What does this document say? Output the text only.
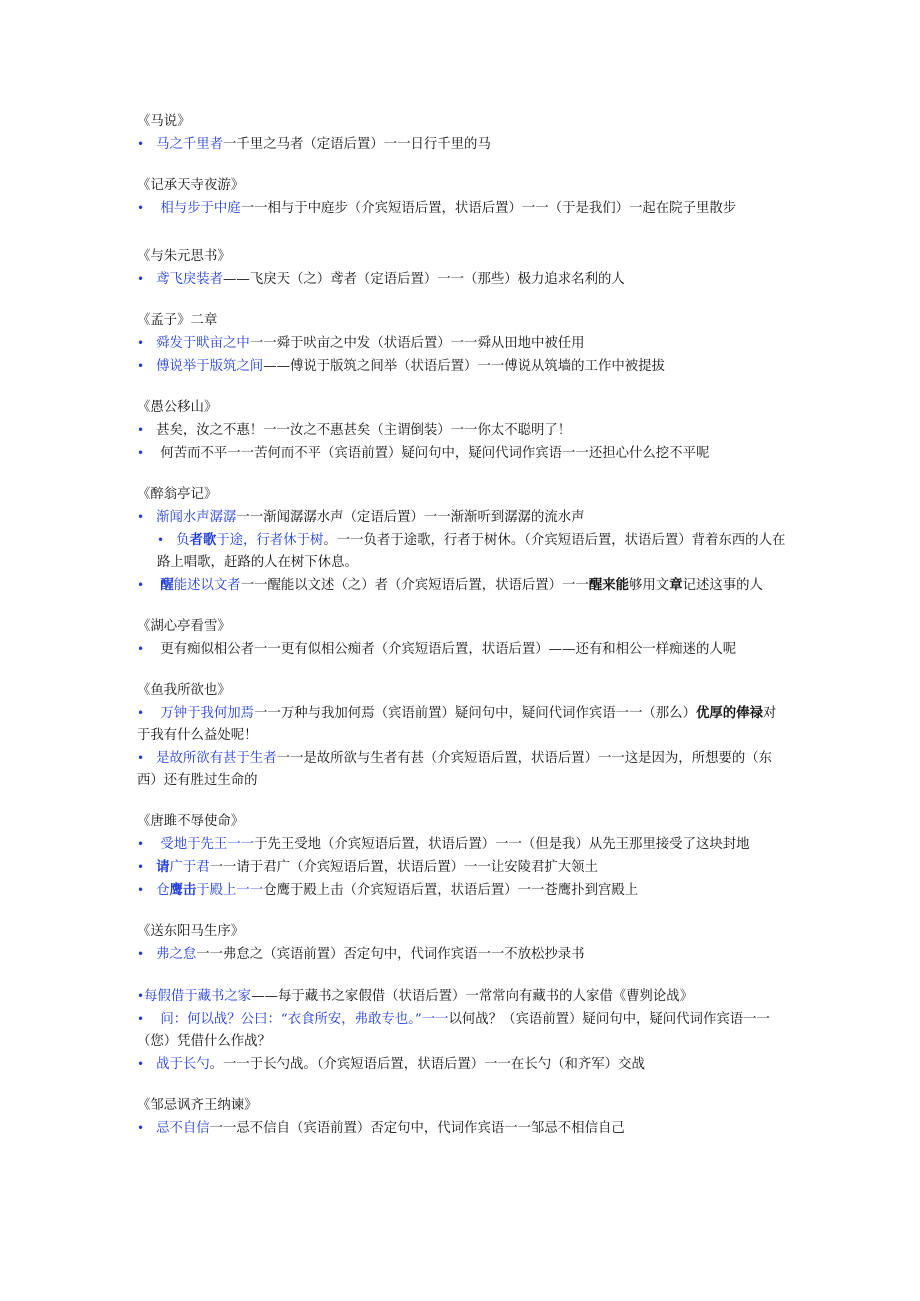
《马说》

• 马之千里者一千里之马者（定语后置）一一日行千里的马

《记承天寺夜游》

• 相与步于中庭一一相与于中庭步（介宾短语后置，状语后置）一一（于是我们）一起在院子里散步

《与朱元思书》

• 鸢飞戾装者——飞戾天（之）鸢者（定语后置）一一（那些）极力追求名利的人

《孟子》二章

• 舜发于畎亩之中一一舜于吠亩之中发（状语后置）一一舜从田地中被任用

• 傅说举于版筑之间——傅说于版筑之间举（状语后置）一一傅说从筑墙的工作中被提拔

《愚公移山》

• 甚矣，汝之不惠！一一汝之不惠甚矣（主谓倒装）一一你太不聪明了！

• 何苦而不平一一苦何而不平（宾语前置）疑问句中，疑问代词作宾语一一还担心什么挖不平呢

《醉翁亭记》

• 渐闻水声潺潺一一渐闻潺潺水声（定语后置）一一渐渐听到潺潺的流水声

• 负者歌于途，行者休于树。一一负者于途歌，行者于树休。（介宾短语后置，状语后置）背着东西的人在路上唱歌，赶路的人在树下休息。

• 醒能述以文者一一醒能以文述（之）者（介宾短语后置，状语后置）一一醒来能够用文章记述这事的人

《湖心亭看雪》

• 更有痴似相公者一一更有似相公痴者（介宾短语后置，状语后置）——还有和相公一样痴迷的人呢

《鱼我所欲也》

• 万钟于我何加焉一一万种与我加何焉（宾语前置）疑问句中，疑问代词作宾语一一（那么）优厚的俸禄对于我有什么益处呢！

• 是故所欲有甚于生者一一是故所欲与生者有甚（介宾短语后置，状语后置）一一这是因为，所想要的（东西）还有胜过生命的

《唐雎不辱使命》

• 受地于先王一一于先王受地（介宾短语后置，状语后置）一一（但是我）从先王那里接受了这块封地

• 请广于君一一请于君广（介宾短语后置，状语后置）一一让安陵君扩大领土

• 仓鹰击于殿上一一仓鹰于殿上击（介宾短语后置，状语后置）一一苍鹰扑到宫殿上

《送东阳马生序》

• 弗之怠一一弗怠之（宾语前置）否定句中，代词作宾语一一不放松抄录书

•每假借于藏书之家——每于藏书之家假借（状语后置）一常常向有藏书的人家借《曹刿论战》

• 问：何以战？公曰：“衣食所安，弗敢专也。”一一以何战？（宾语前置）疑问句中，疑问代词作宾语一一（您）凭借什么作战？

• 战于长勺。一一于长勺战。（介宾短语后置，状语后置）一一在长勺（和齐军）交战

《邹忌讽齐王纳谏》

• 忌不自信一一忌不信自（宾语前置）否定句中，代词作宾语一一邹忌不相信自己
